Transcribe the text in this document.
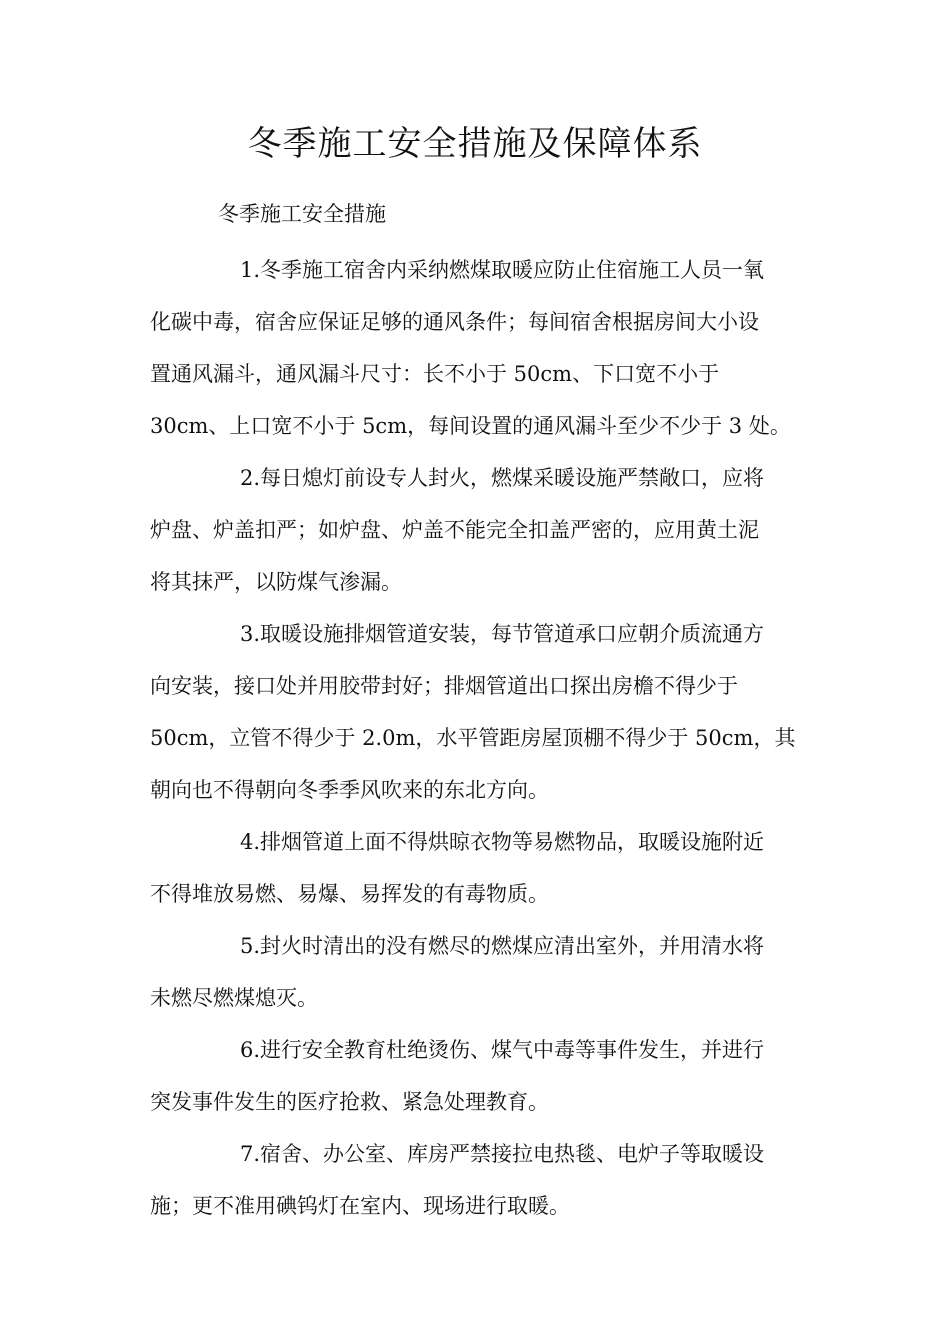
冬季施工安全措施及保障体系
冬季施工安全措施
1.冬季施工宿舍内采纳燃煤取暖应防止住宿施工人员一氧
化碳中毒，宿舍应保证足够的通风条件；每间宿舍根据房间大小设
置通风漏斗，通风漏斗尺寸：长不小于 50cm、下口宽不小于
30cm、上口宽不小于 5cm，每间设置的通风漏斗至少不少于 3 处。
2.每日熄灯前设专人封火，燃煤采暖设施严禁敞口，应将
炉盘、炉盖扣严；如炉盘、炉盖不能完全扣盖严密的，应用黄土泥
将其抹严，以防煤气渗漏。
3.取暖设施排烟管道安装，每节管道承口应朝介质流通方
向安装，接口处并用胶带封好；排烟管道出口探出房檐不得少于
50cm，立管不得少于 2.0m，水平管距房屋顶棚不得少于 50cm，其
朝向也不得朝向冬季季风吹来的东北方向。
4.排烟管道上面不得烘晾衣物等易燃物品，取暖设施附近
不得堆放易燃、易爆、易挥发的有毒物质。
5.封火时清出的没有燃尽的燃煤应清出室外，并用清水将
未燃尽燃煤熄灭。
6.进行安全教育杜绝烫伤、煤气中毒等事件发生，并进行
突发事件发生的医疗抢救、紧急处理教育。
7.宿舍、办公室、库房严禁接拉电热毯、电炉子等取暖设
施；更不准用碘钨灯在室内、现场进行取暖。
